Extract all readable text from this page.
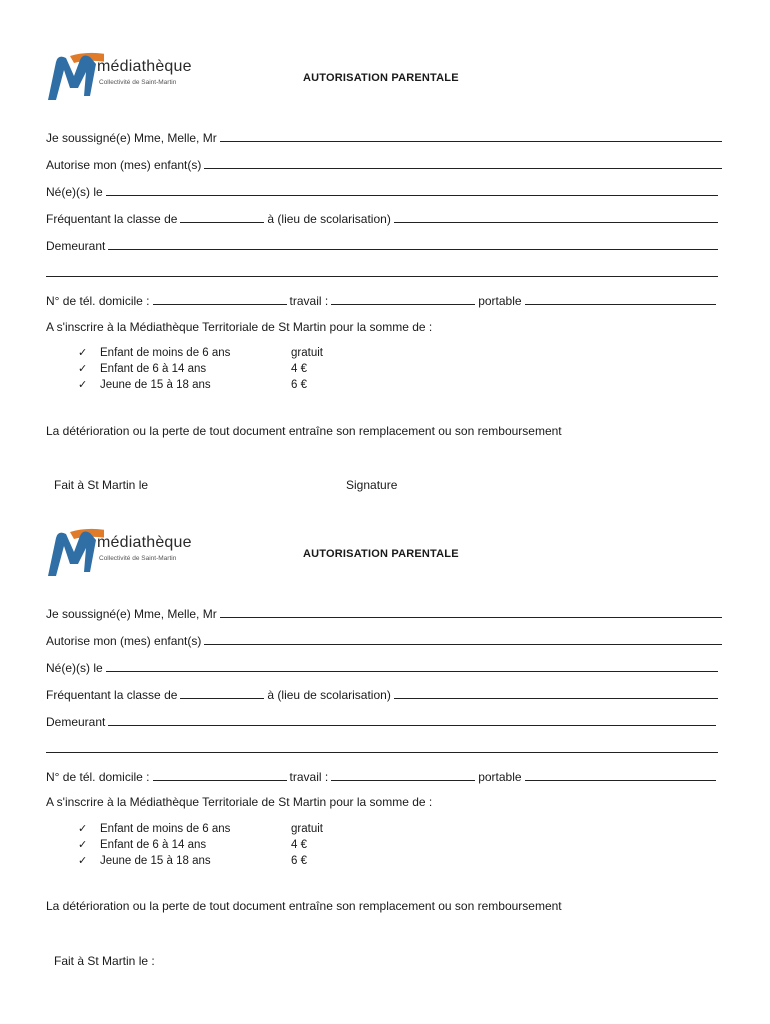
médiathèque
Collectivité de Saint-Martin	AUTORISATION PARENTALE
Je soussigné(e) Mme, Melle, Mr
Autorise mon (mes) enfant(s)
Né(e)(s) le
Fréquentant la classe de	à (lieu de scolarisation)
Demeurant
N° de tél. domicile :	travail :	portable
A s'inscrire à la Médiathèque Territoriale de St Martin pour la somme de :
✓ Enfant de moins de 6 ans	gratuit
✓ Enfant de 6 à 14 ans	4 €
✓ Jeune de 15 à 18 ans	6 €
La détérioration ou la perte de tout document entraîne son remplacement ou son remboursement
Fait à St Martin le	Signature
médiathèque
Collectivité de Saint-Martin	AUTORISATION PARENTALE
Je soussigné(e) Mme, Melle, Mr
Autorise mon (mes) enfant(s)
Né(e)(s) le
Fréquentant la classe de	à (lieu de scolarisation)
Demeurant
N° de tél. domicile :	travail :	portable
A s'inscrire à la Médiathèque Territoriale de St Martin pour la somme de :
✓ Enfant de moins de 6 ans	gratuit
✓ Enfant de 6 à 14 ans	4 €
✓ Jeune de 15 à 18 ans	6 €
La détérioration ou la perte de tout document entraîne son remplacement ou son remboursement
Fait à St Martin le :
